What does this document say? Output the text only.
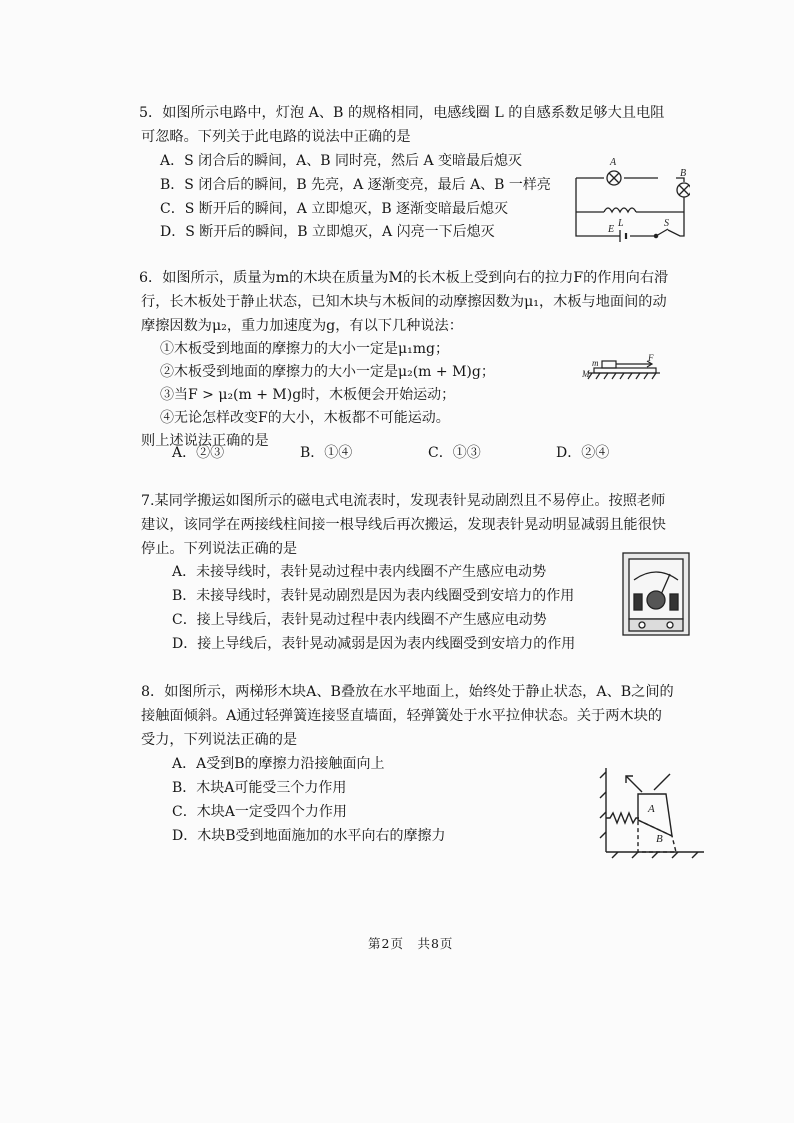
5．如图所示电路中，灯泡 A、B 的规格相同，电感线圈 L 的自感系数足够大且电阻
可忽略。下列关于此电路的说法中正确的是
A．S 闭合后的瞬间，A、B 同时亮，然后 A 变暗最后熄灭
B．S 闭合后的瞬间，B 先亮，A 逐渐变亮，最后 A、B 一样亮
C．S 断开后的瞬间，A 立即熄灭，B 逐渐变暗最后熄灭
D．S 断开后的瞬间，B 立即熄灭，A 闪亮一下后熄灭
A
B
L
E
S
6．如图所示，质量为m的木块在质量为M的长木板上受到向右的拉力F的作用向右滑
行，长木板处于静止状态，已知木块与木板间的动摩擦因数为μ₁，木板与地面间的动
摩擦因数为μ₂，重力加速度为g，有以下几种说法：
①木板受到地面的摩擦力的大小一定是μ₁mg；
②木板受到地面的摩擦力的大小一定是μ₂(m + M)g；
③当F > μ₂(m + M)g时，木板便会开始运动；
④无论怎样改变F的大小，木板都不可能运动。
则上述说法正确的是
A．②③	B．①④	C．①③	D．②④
m
M
F
7.某同学搬运如图所示的磁电式电流表时，发现表针晃动剧烈且不易停止。按照老师
建议，该同学在两接线柱间接一根导线后再次搬运，发现表针晃动明显减弱且能很快
停止。下列说法正确的是
A．未接导线时，表针晃动过程中表内线圈不产生感应电动势
B．未接导线时，表针晃动剧烈是因为表内线圈受到安培力的作用
C．接上导线后，表针晃动过程中表内线圈不产生感应电动势
D．接上导线后，表针晃动减弱是因为表内线圈受到安培力的作用
8．如图所示，两梯形木块A、B叠放在水平地面上，始终处于静止状态，A、B之间的
接触面倾斜。A通过轻弹簧连接竖直墙面，轻弹簧处于水平拉伸状态。关于两木块的
受力，下列说法正确的是
A．A受到B的摩擦力沿接触面向上
B．木块A可能受三个力作用
C．木块A一定受四个力作用
D．木块B受到地面施加的水平向右的摩擦力
A
B
第2页　共8页
